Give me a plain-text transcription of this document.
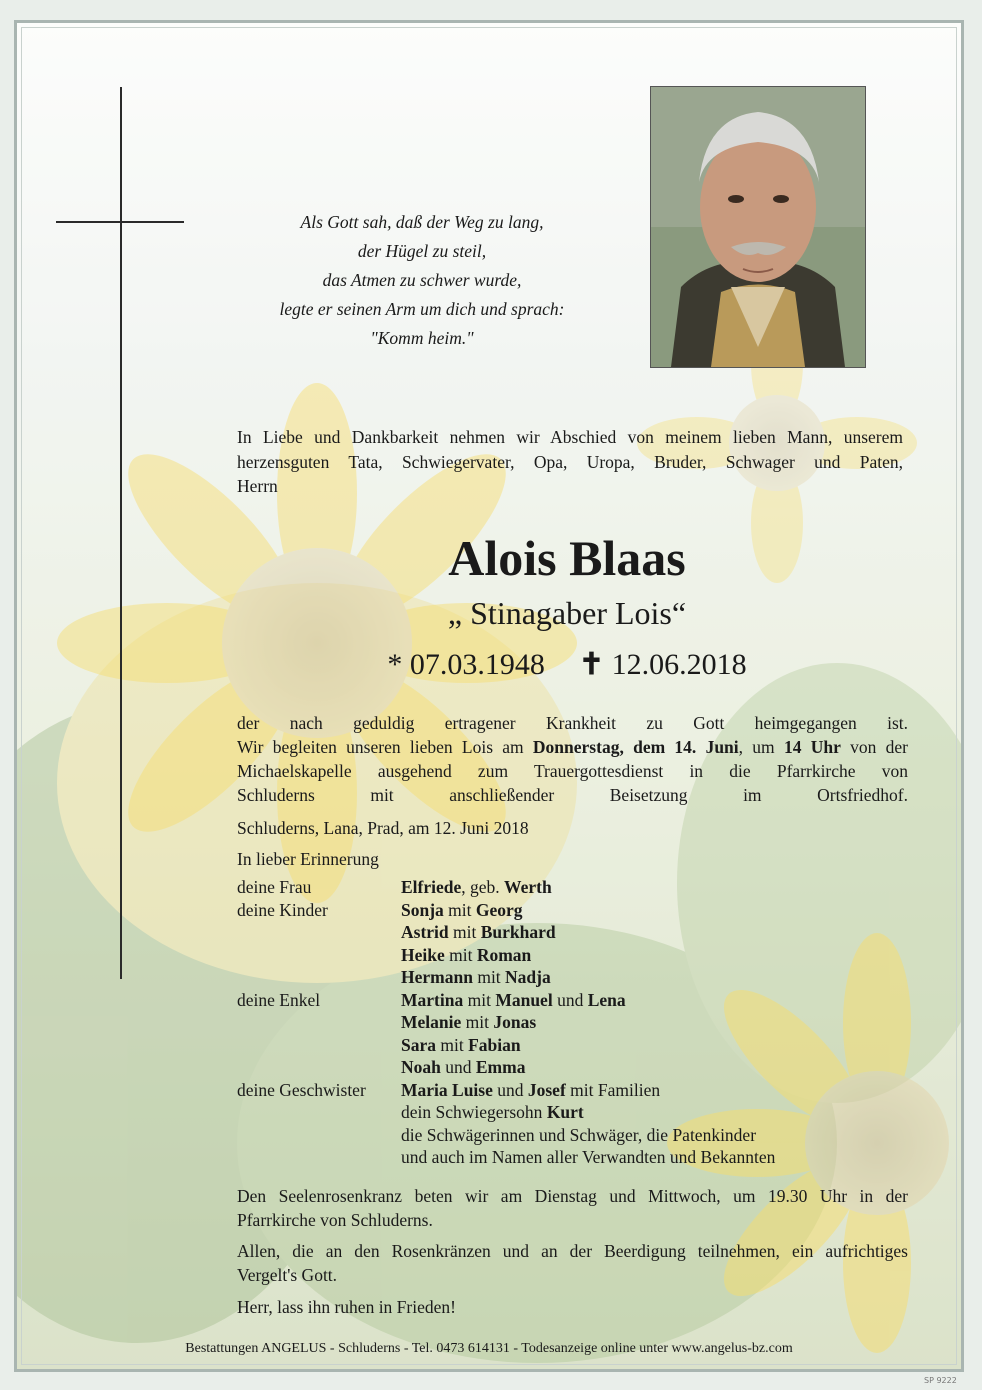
Als Gott sah, daß der Weg zu lang,
der Hügel zu steil,
das Atmen zu schwer wurde,
legte er seinen Arm um dich und sprach:
"Komm heim."
In Liebe und Dankbarkeit nehmen wir Abschied von meinem lieben Mann, unserem
herzensguten Tata, Schwiegervater, Opa, Uropa, Bruder, Schwager und Paten,
Herrn
Alois Blaas
„ Stinagaber Lois“
* 07.03.1948 ✝ 12.06.2018
der nach geduldig ertragener Krankheit zu Gott heimgegangen ist.
Wir begleiten unseren lieben Lois am Donnerstag, dem 14. Juni, um 14 Uhr von der
Michaelskapelle ausgehend zum Trauergottesdienst in die Pfarrkirche von
Schluderns mit anschließender Beisetzung im Ortsfriedhof.
Schluderns, Lana, Prad, am 12. Juni 2018
In lieber Erinnerung
deine Frau	Elfriede, geb. Werth
deine Kinder	Sonja mit Georg
Astrid mit Burkhard
Heike mit Roman
Hermann mit Nadja
deine Enkel	Martina mit Manuel und Lena
Melanie mit Jonas
Sara mit Fabian
Noah und Emma
deine Geschwister	Maria Luise und Josef mit Familien
dein Schwiegersohn Kurt
die Schwägerinnen und Schwäger, die Patenkinder
und auch im Namen aller Verwandten und Bekannten
Den Seelenrosenkranz beten wir am Dienstag und Mittwoch, um 19.30 Uhr in der
Pfarrkirche von Schluderns.
Allen, die an den Rosenkränzen und an der Beerdigung teilnehmen, ein aufrichtiges
Vergelt's Gott.
Herr, lass ihn ruhen in Frieden!
Bestattungen ANGELUS - Schluderns - Tel. 0473 614131 - Todesanzeige online unter www.angelus-bz.com
SP 9222
